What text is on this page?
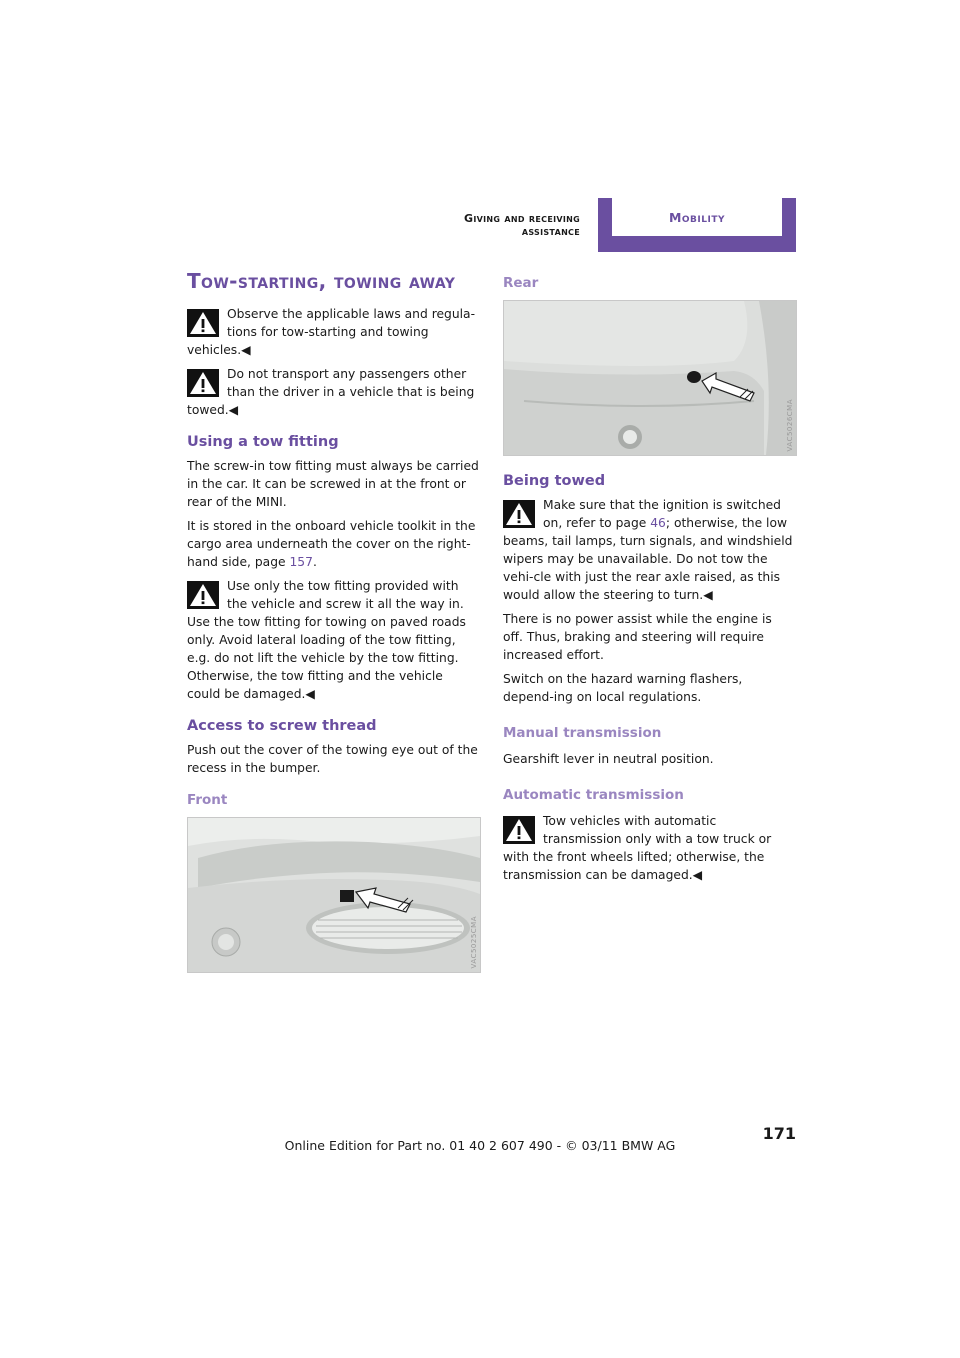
Giving and receiving assistance
Mobility
Tow-starting, towing away
Observe the applicable laws and regula-tions for tow-starting and towing vehicles.◀
Do not transport any passengers other than the driver in a vehicle that is being towed.◀
Using a tow fitting

The screw-in tow fitting must always be carried in the car. It can be screwed in at the front or rear of the MINI.

It is stored in the onboard vehicle toolkit in the cargo area underneath the cover on the right-hand side, page 157.

Use only the tow fitting provided with the vehicle and screw it all the way in. Use the tow fitting for towing on paved roads only. Avoid lateral loading of the tow fitting, e.g. do not lift the vehicle by the tow fitting. Otherwise, the tow fitting and the vehicle could be damaged.◀
Access to screw thread

Push out the cover of the towing eye out of the recess in the bumper.

Front
VAC5025CMA
Rear
VAC5026CMA
Being towed
Make sure that the ignition is switched on, refer to page 46; otherwise, the low beams, tail lamps, turn signals, and windshield wipers may be unavailable. Do not tow the vehi-cle with just the rear axle raised, as this would allow the steering to turn.◀

There is no power assist while the engine is off. Thus, braking and steering will require increased effort.

Switch on the hazard warning flashers, depend-ing on local regulations.

Manual transmission

Gearshift lever in neutral position.

Automatic transmission
Tow vehicles with automatic transmission only with a tow truck or with the front wheels lifted; otherwise, the transmission can be damaged.◀
171
Online Edition for Part no. 01 40 2 607 490 - © 03/11 BMW AG
